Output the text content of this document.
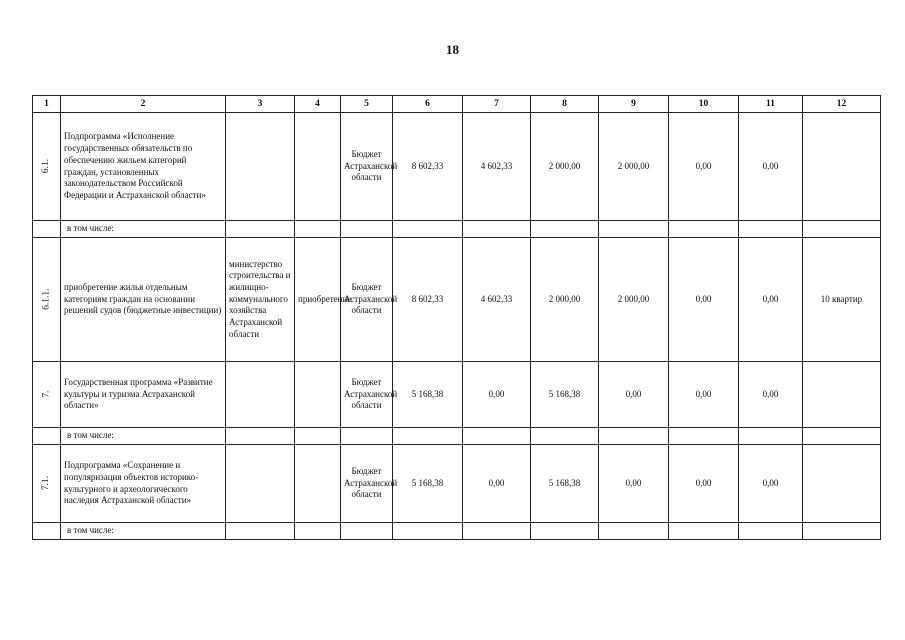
18
1	2	3	4	5	6	7	8	9	10	11	12
6.1.	Подпрограмма «Исполнение государственных обязательств по обеспечению жильем категорий граждан, установленных законодательством Российской Федерации и Астраханской области»			Бюджет Астраханской области	8 602,33	4 602,33	2 000,00	2 000,00	0,00	0,00	
	в том числе:										
6.1.1.	приобретение жилья отдельным категориям граждан на основании решений судов (бюджетные инвестиции)	министерство строительства и жилищно-коммунального хозяйства Астраханской области	приобретение	Бюджет Астраханской области	8 602,33	4 602,33	2 000,00	2 000,00	0,00	0,00	10 квартир
7.	Государственная программа «Развитие культуры и туризма Астраханской области»			Бюджет Астраханской области	5 168,38	0,00	5 168,38	0,00	0,00	0,00	
	в том числе:										
7.1.	Подпрограмма «Сохранение и популяризация объектов историко-культурного и археологического наследия Астраханской области»			Бюджет Астраханской области	5 168,38	0,00	5 168,38	0,00	0,00	0,00	
	в том числе:										
